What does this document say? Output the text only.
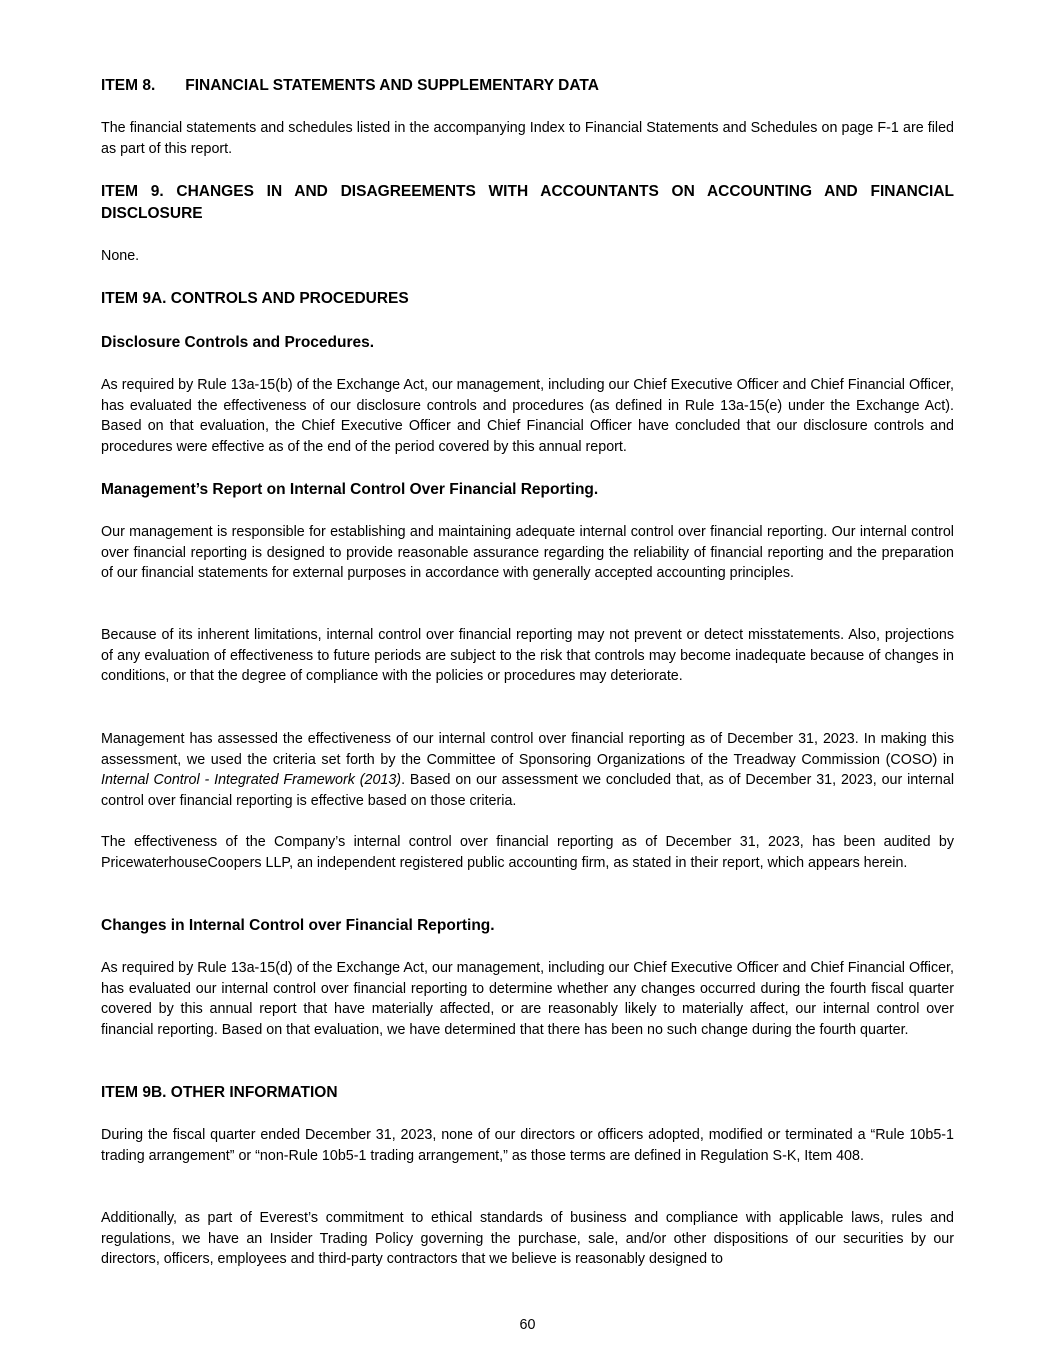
ITEM 8. FINANCIAL STATEMENTS AND SUPPLEMENTARY DATA

The financial statements and schedules listed in the accompanying Index to Financial Statements and Schedules on page F-1 are filed as part of this report.

ITEM 9. CHANGES IN AND DISAGREEMENTS WITH ACCOUNTANTS ON ACCOUNTING AND FINANCIAL DISCLOSURE

None.

ITEM 9A. CONTROLS AND PROCEDURES
Disclosure Controls and Procedures.

As required by Rule 13a-15(b) of the Exchange Act, our management, including our Chief Executive Officer and Chief Financial Officer, has evaluated the effectiveness of our disclosure controls and procedures (as defined in Rule 13a-15(e) under the Exchange Act). Based on that evaluation, the Chief Executive Officer and Chief Financial Officer have concluded that our disclosure controls and procedures were effective as of the end of the period covered by this annual report.

Management’s Report on Internal Control Over Financial Reporting.

Our management is responsible for establishing and maintaining adequate internal control over financial reporting. Our internal control over financial reporting is designed to provide reasonable assurance regarding the reliability of financial reporting and the preparation of our financial statements for external purposes in accordance with generally accepted accounting principles.

Because of its inherent limitations, internal control over financial reporting may not prevent or detect misstatements. Also, projections of any evaluation of effectiveness to future periods are subject to the risk that controls may become inadequate because of changes in conditions, or that the degree of compliance with the policies or procedures may deteriorate.

Management has assessed the effectiveness of our internal control over financial reporting as of December 31, 2023. In making this assessment, we used the criteria set forth by the Committee of Sponsoring Organizations of the Treadway Commission (COSO) in Internal Control - Integrated Framework (2013). Based on our assessment we concluded that, as of December 31, 2023, our internal control over financial reporting is effective based on those criteria.

The effectiveness of the Company’s internal control over financial reporting as of December 31, 2023, has been audited by PricewaterhouseCoopers LLP, an independent registered public accounting firm, as stated in their report, which appears herein.

Changes in Internal Control over Financial Reporting.

As required by Rule 13a-15(d) of the Exchange Act, our management, including our Chief Executive Officer and Chief Financial Officer, has evaluated our internal control over financial reporting to determine whether any changes occurred during the fourth fiscal quarter covered by this annual report that have materially affected, or are reasonably likely to materially affect, our internal control over financial reporting. Based on that evaluation, we have determined that there has been no such change during the fourth quarter.

ITEM 9B. OTHER INFORMATION

During the fiscal quarter ended December 31, 2023, none of our directors or officers adopted, modified or terminated a “Rule 10b5-1 trading arrangement” or “non-Rule 10b5-1 trading arrangement,” as those terms are defined in Regulation S-K, Item 408.

Additionally, as part of Everest’s commitment to ethical standards of business and compliance with applicable laws, rules and regulations, we have an Insider Trading Policy governing the purchase, sale, and/or other dispositions of our securities by our directors, officers, employees and third-party contractors that we believe is reasonably designed to

60
